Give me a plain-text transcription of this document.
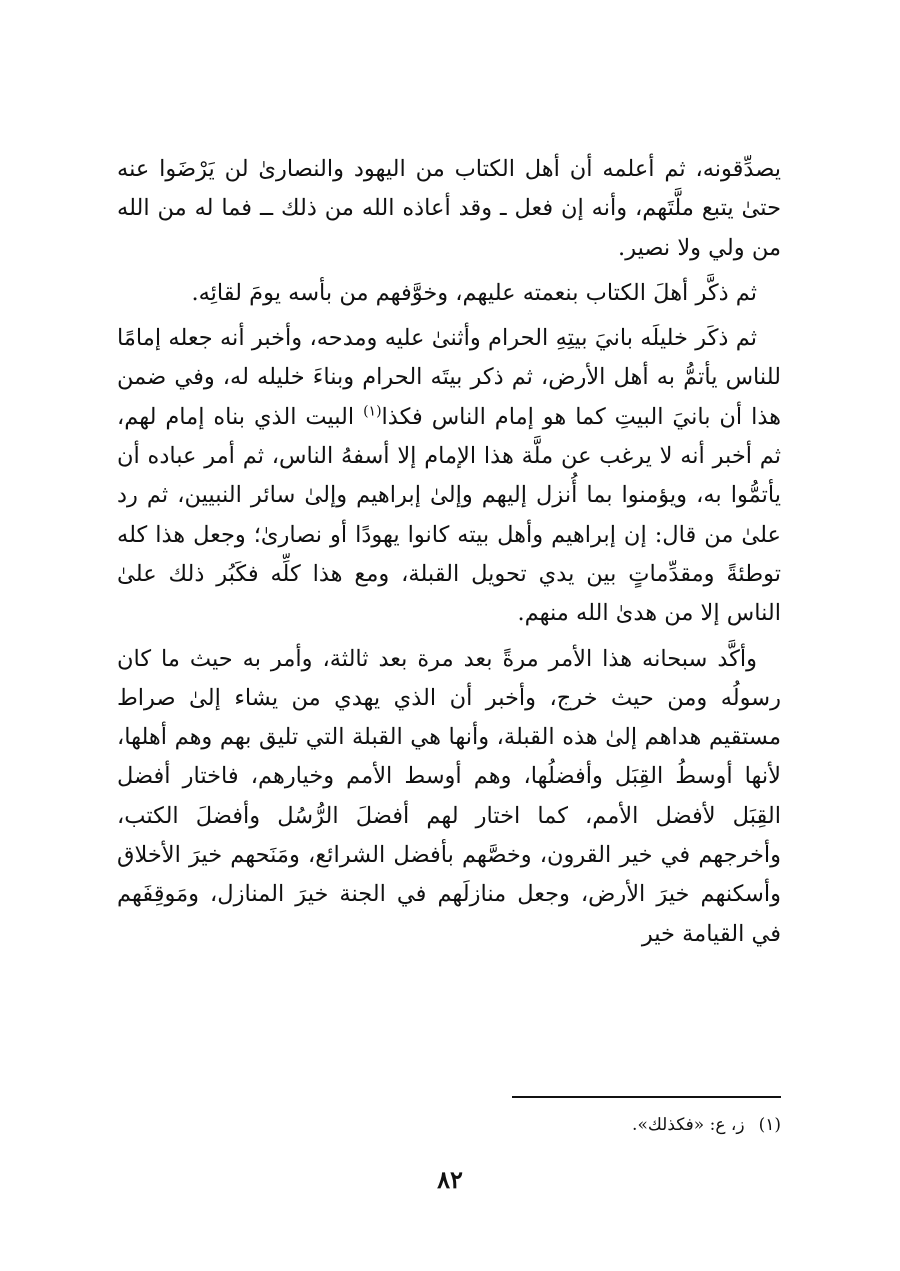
يصدِّقونه، ثم أعلمه أن أهل الكتاب من اليهود والنصارىٰ لن يَرْضَوا عنه حتىٰ يتبع ملَّتَهم، وأنه إن فعل ـ وقد أعاذه الله من ذلك ــ فما له من الله من ولي ولا نصير.

ثم ذكَّر أهلَ الكتاب بنعمته عليهم، وخوَّفهم من بأسه يومَ لقائِه.

ثم ذكَر خليلَه بانيَ بيتِهِ الحرام وأثنىٰ عليه ومدحه، وأخبر أنه جعله إمامًا للناس يأتمُّ به أهل الأرض، ثم ذكر بيتَه الحرام وبناءَ خليله له، وفي ضمن هذا أن بانيَ البيتِ كما هو إمام الناس فكذا$^{(١)}$ البيت الذي بناه إمام لهم، ثم أخبر أنه لا يرغب عن ملَّة هذا الإمام إلا أسفهُ الناس، ثم أمر عباده أن يأتمُّوا به، ويؤمنوا بما أُنزل إليهم وإلىٰ إبراهيم وإلىٰ سائر النبيين، ثم رد علىٰ من قال: إن إبراهيم وأهل بيته كانوا يهودًا أو نصارىٰ؛ وجعل هذا كله توطئةً ومقدِّماتٍ بين يدي تحويل القبلة، ومع هذا كلِّه فكَبُر ذلك علىٰ الناس إلا من هدىٰ الله منهم.

وأكَّد سبحانه هذا الأمر مرةً بعد مرة بعد ثالثة، وأمر به حيث ما كان رسولُه ومن حيث خرج، وأخبر أن الذي يهدي من يشاء إلىٰ صراط مستقيم هداهم إلىٰ هذه القبلة، وأنها هي القبلة التي تليق بهم وهم أهلها، لأنها أوسطُ القِبَل وأفضلُها، وهم أوسط الأمم وخيارهم، فاختار أفضل القِبَل لأفضل الأمم، كما اختار لهم أفضلَ الرُّسُل وأفضلَ الكتب، وأخرجهم في خير القرون، وخصَّهم بأفضل الشرائع، ومَنَحهم خيرَ الأخلاق وأسكنهم خيرَ الأرض، وجعل منازلَهم في الجنة خيرَ المنازل، ومَوقِفَهم في القيامة خير

(١)ز، ع: «فكذلك».

٨٢
